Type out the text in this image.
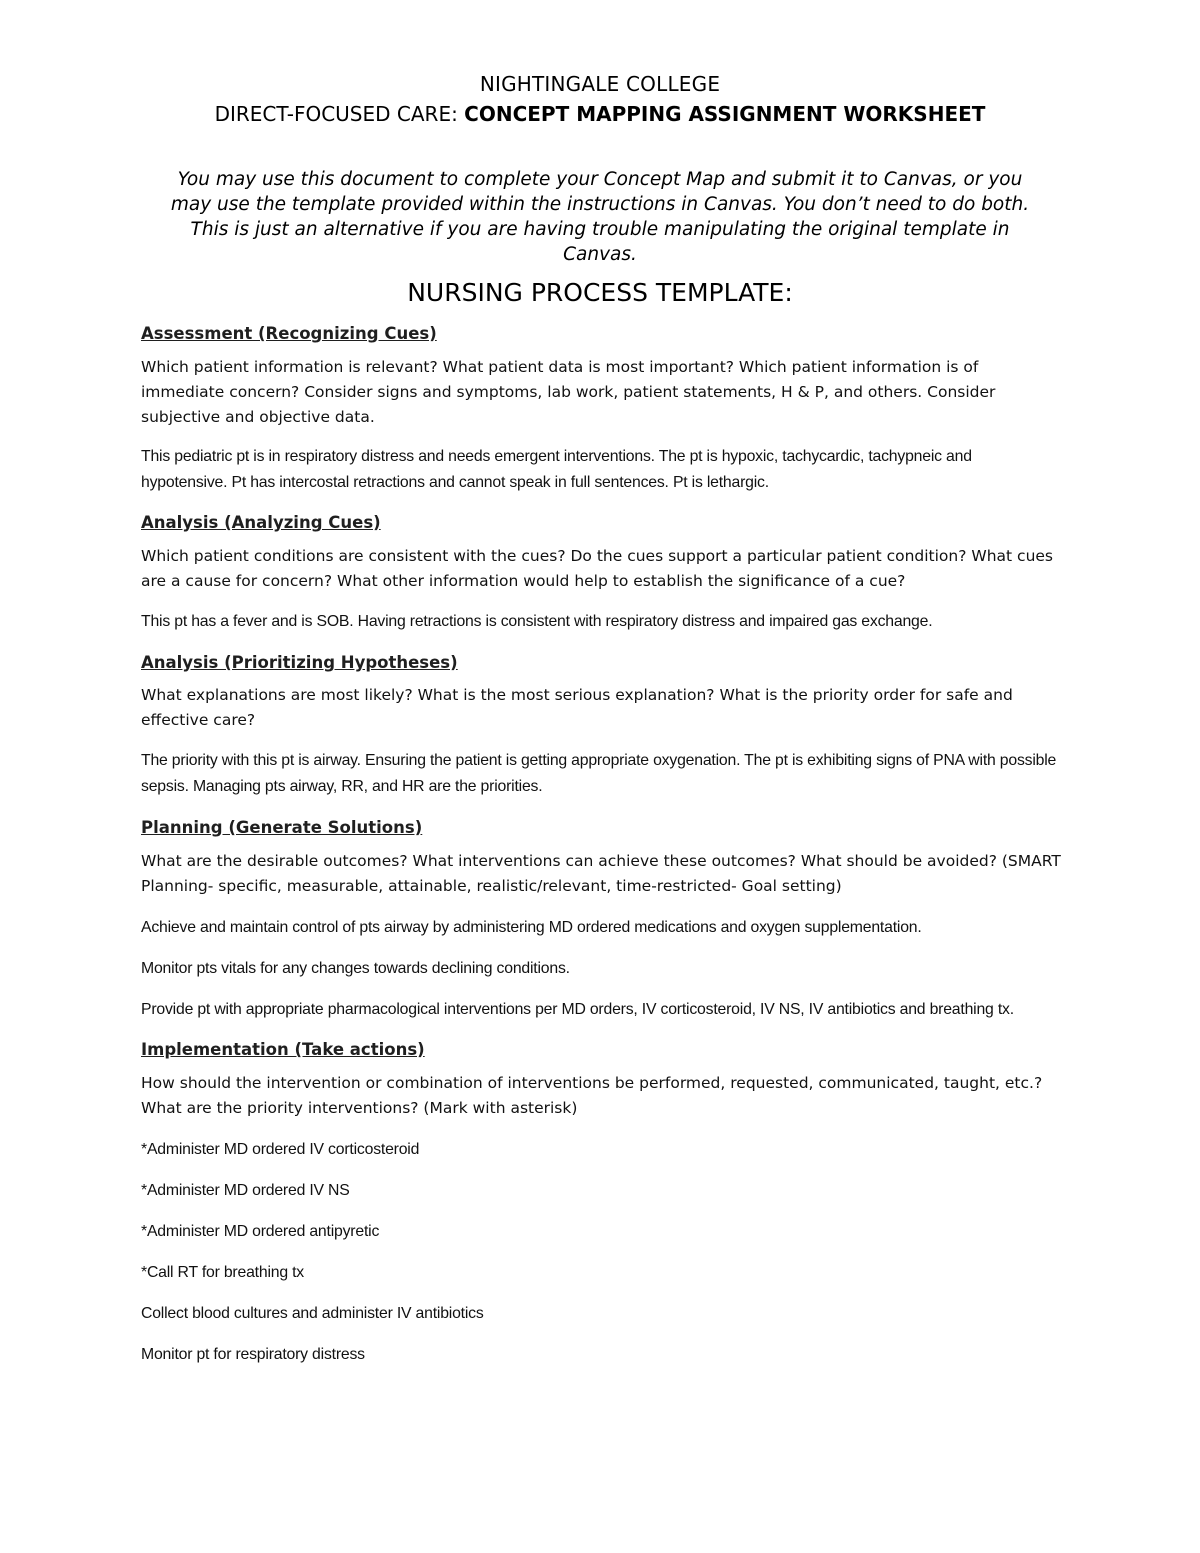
NIGHTINGALE COLLEGE
DIRECT-FOCUSED CARE: CONCEPT MAPPING ASSIGNMENT WORKSHEET
You may use this document to complete your Concept Map and submit it to Canvas, or you
may use the template provided within the instructions in Canvas. You don’t need to do both.
This is just an alternative if you are having trouble manipulating the original template in
Canvas.
NURSING PROCESS TEMPLATE:

Assessment (Recognizing Cues)

Which patient information is relevant? What patient data is most important? Which patient information is of immediate concern? Consider signs and symptoms, lab work, patient statements, H & P, and others. Consider subjective and objective data.

This pediatric pt is in respiratory distress and needs emergent interventions. The pt is hypoxic, tachycardic, tachypneic and hypotensive. Pt has intercostal retractions and cannot speak in full sentences. Pt is lethargic.

Analysis (Analyzing Cues)

Which patient conditions are consistent with the cues? Do the cues support a particular patient condition? What cues are a cause for concern? What other information would help to establish the significance of a cue?

This pt has a fever and is SOB. Having retractions is consistent with respiratory distress and impaired gas exchange.

Analysis (Prioritizing Hypotheses)

What explanations are most likely? What is the most serious explanation? What is the priority order for safe and effective care?

The priority with this pt is airway. Ensuring the patient is getting appropriate oxygenation. The pt is exhibiting signs of PNA with possible sepsis. Managing pts airway, RR, and HR are the priorities.

Planning (Generate Solutions)

What are the desirable outcomes? What interventions can achieve these outcomes? What should be avoided? (SMART Planning- specific, measurable, attainable, realistic/relevant, time-restricted- Goal setting)

Achieve and maintain control of pts airway by administering MD ordered medications and oxygen supplementation.

Monitor pts vitals for any changes towards declining conditions.

Provide pt with appropriate pharmacological interventions per MD orders, IV corticosteroid, IV NS, IV antibiotics and breathing tx.

Implementation (Take actions)

How should the intervention or combination of interventions be performed, requested, communicated, taught, etc.? What are the priority interventions? (Mark with asterisk)

*Administer MD ordered IV corticosteroid

*Administer MD ordered IV NS

*Administer MD ordered antipyretic

*Call RT for breathing tx

Collect blood cultures and administer IV antibiotics

Monitor pt for respiratory distress
